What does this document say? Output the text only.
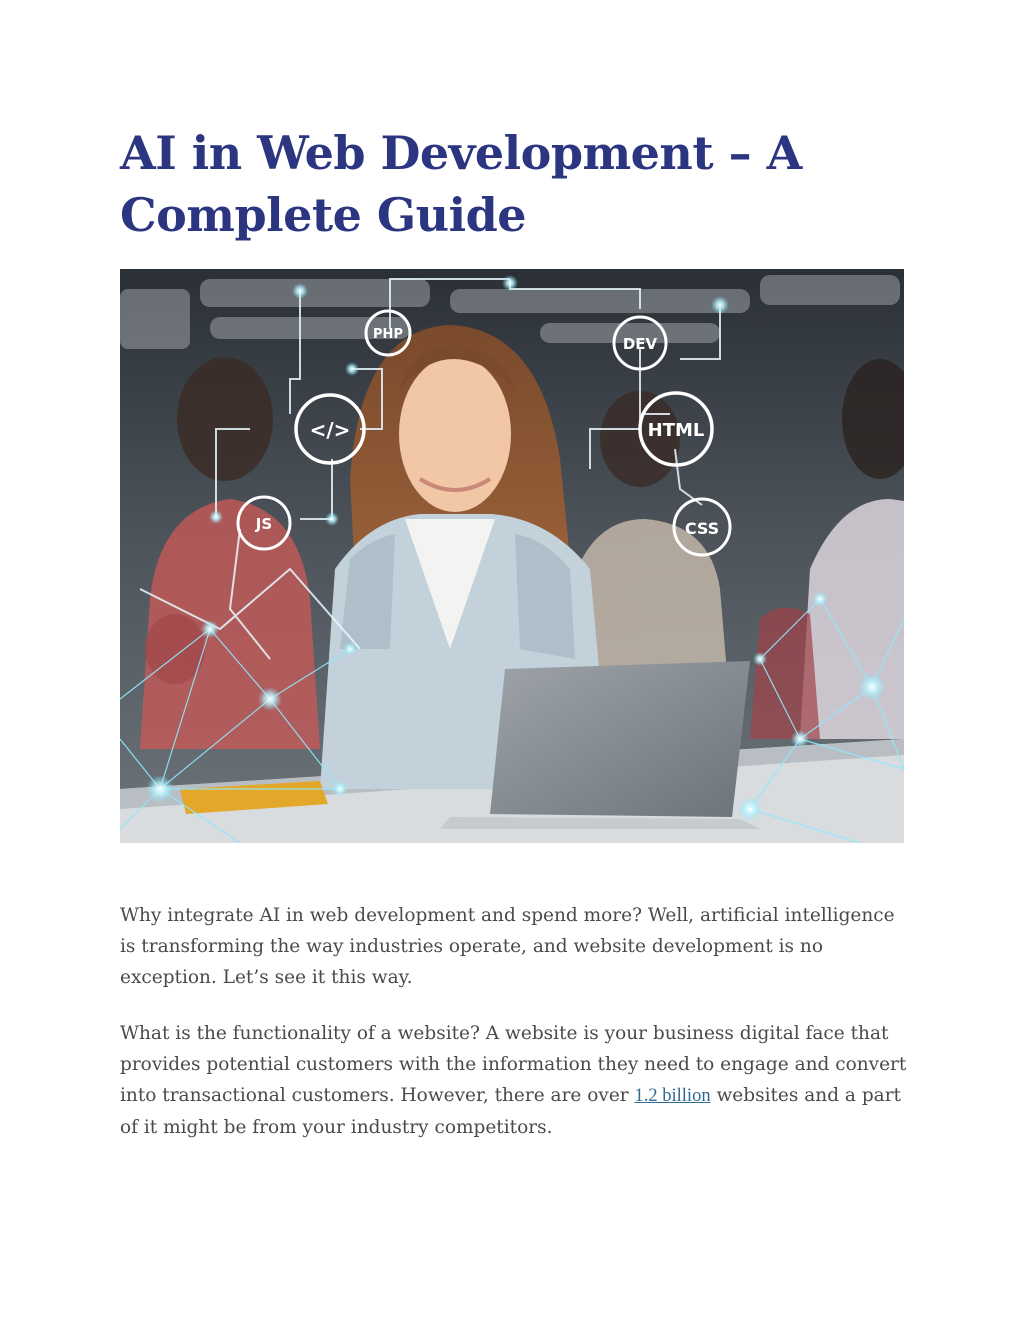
AI in Web Development – A Complete Guide
PHP
DEV
</>	HTML
JS	CSS

Why integrate AI in web development and spend more? Well, artificial intelligence is transforming the way industries operate, and website development is no exception. Let’s see it this way.

What is the functionality of a website? A website is your business digital face that provides potential customers with the information they need to engage and convert into transactional customers. However, there are over 1.2 billion websites and a part of it might be from your industry competitors.
